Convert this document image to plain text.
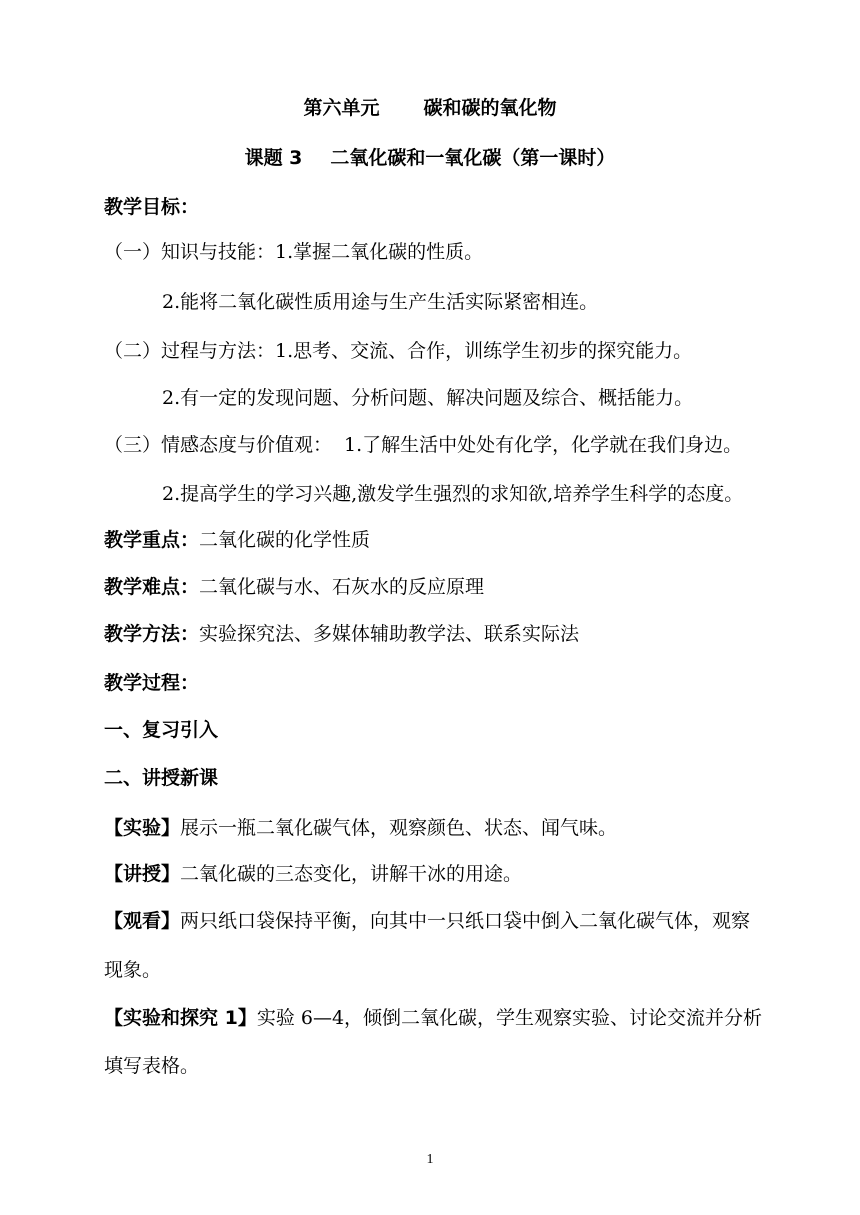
第六单元 碳和碳的氧化物
课题 3 二氧化碳和一氧化碳（第一课时）
教学目标：
（一）知识与技能：1.掌握二氧化碳的性质。
2.能将二氧化碳性质用途与生产生活实际紧密相连。
（二）过程与方法：1.思考、交流、合作，训练学生初步的探究能力。
2.有一定的发现问题、分析问题、解决问题及综合、概括能力。
（三）情感态度与价值观： 1.了解生活中处处有化学，化学就在我们身边。
2.提高学生的学习兴趣,激发学生强烈的求知欲,培养学生科学的态度。
教学重点：二氧化碳的化学性质
教学难点：二氧化碳与水、石灰水的反应原理
教学方法：实验探究法、多媒体辅助教学法、联系实际法
教学过程：
一、复习引入
二、讲授新课
【实验】展示一瓶二氧化碳气体，观察颜色、状态、闻气味。
【讲授】二氧化碳的三态变化，讲解干冰的用途。
【观看】两只纸口袋保持平衡，向其中一只纸口袋中倒入二氧化碳气体，观察
现象。
【实验和探究 1】实验 6—4，倾倒二氧化碳，学生观察实验、讨论交流并分析
填写表格。
1
